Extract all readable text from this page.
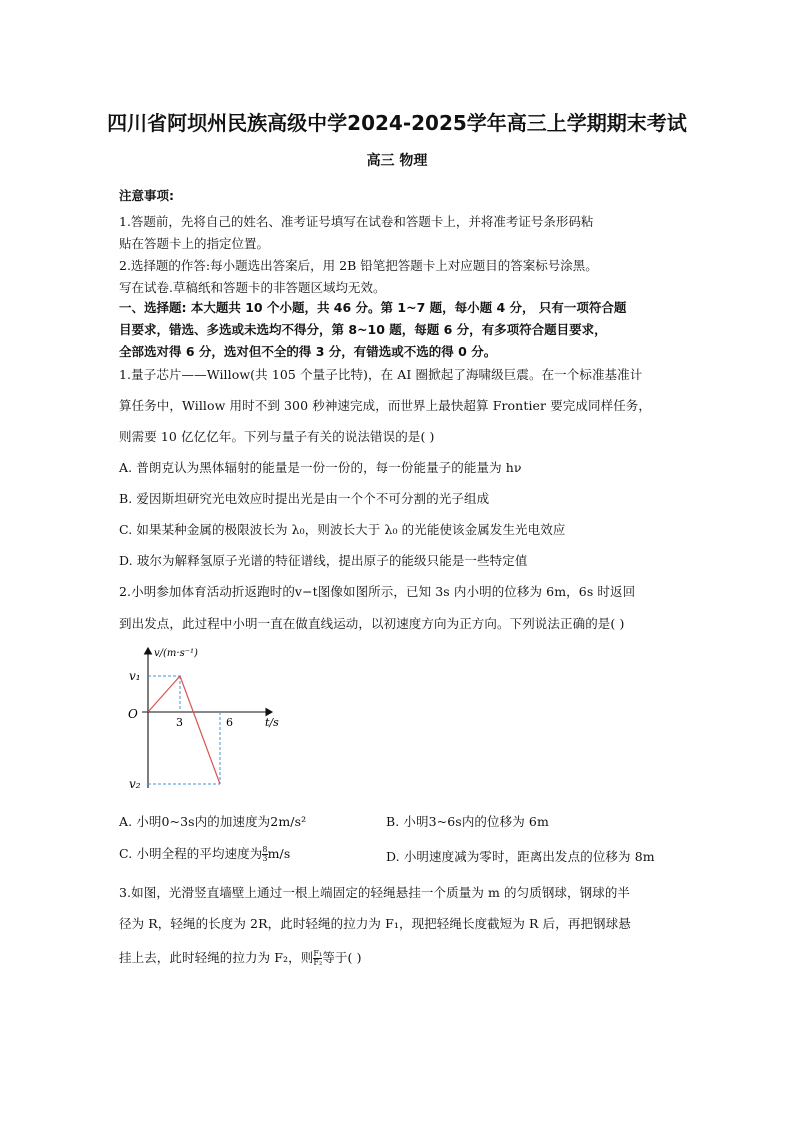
四川省阿坝州民族高级中学2024-2025学年高三上学期期末考试
高三 物理
注意事项:
1.答题前，先将自己的姓名、准考证号填写在试卷和答题卡上，并将准考证号条形码粘
贴在答题卡上的指定位置。
2.选择题的作答:每小题选出答案后，用 2B 铅笔把答题卡上对应题目的答案标号涂黑。
写在试卷.草稿纸和答题卡的非答题区域均无效。
一、选择题: 本大题共 10 个小题，共 46 分。第 1~7 题，每小题 4 分， 只有一项符合题
目要求，错选、多选或未选均不得分，第 8~10 题，每题 6 分，有多项符合题目要求，
全部选对得 6 分，选对但不全的得 3 分，有错选或不选的得 0 分。
1.量子芯片——Willow(共 105 个量子比特)，在 AI 圈掀起了海啸级巨震。在一个标准基准计
算任务中，Willow 用时不到 300 秒神速完成，而世界上最快超算 Frontier 要完成同样任务，
则需要 10 亿亿亿年。下列与量子有关的说法错误的是( )
A. 普朗克认为黑体辐射的能量是一份一份的，每一份能量子的能量为 hν
B. 爱因斯坦研究光电效应时提出光是由一个个不可分割的光子组成
C. 如果某种金属的极限波长为 λ₀，则波长大于 λ₀ 的光能使该金属发生光电效应
D. 玻尔为解释氢原子光谱的特征谱线，提出原子的能级只能是一些特定值
2.小明参加体育活动折返跑时的v−t图像如图所示，已知 3s 内小明的位移为 6m，6s 时返回
到出发点，此过程中小明一直在做直线运动，以初速度方向为正方向。下列说法正确的是( )
v/(m·s⁻¹)
t/s
O
v₁
v₂
3	6
A. 小明0~3s内的加速度为2m/s²	B. 小明3~6s内的位移为 6m
C. 小明全程的平均速度为 $\frac{8}{3} m/s$	D. 小明速度减为零时，距离出发点的位移为 8m
3.如图，光滑竖直墙壁上通过一根上端固定的轻绳悬挂一个质量为 m 的匀质钢球，钢球的半
径为 R，轻绳的长度为 2R，此时轻绳的拉力为 F₁，现把轻绳长度截短为 R 后，再把钢球悬
挂上去，此时轻绳的拉力为 F₂，则 $\frac{\text{F₁}}{\text{F₂}}$ 等于( )
